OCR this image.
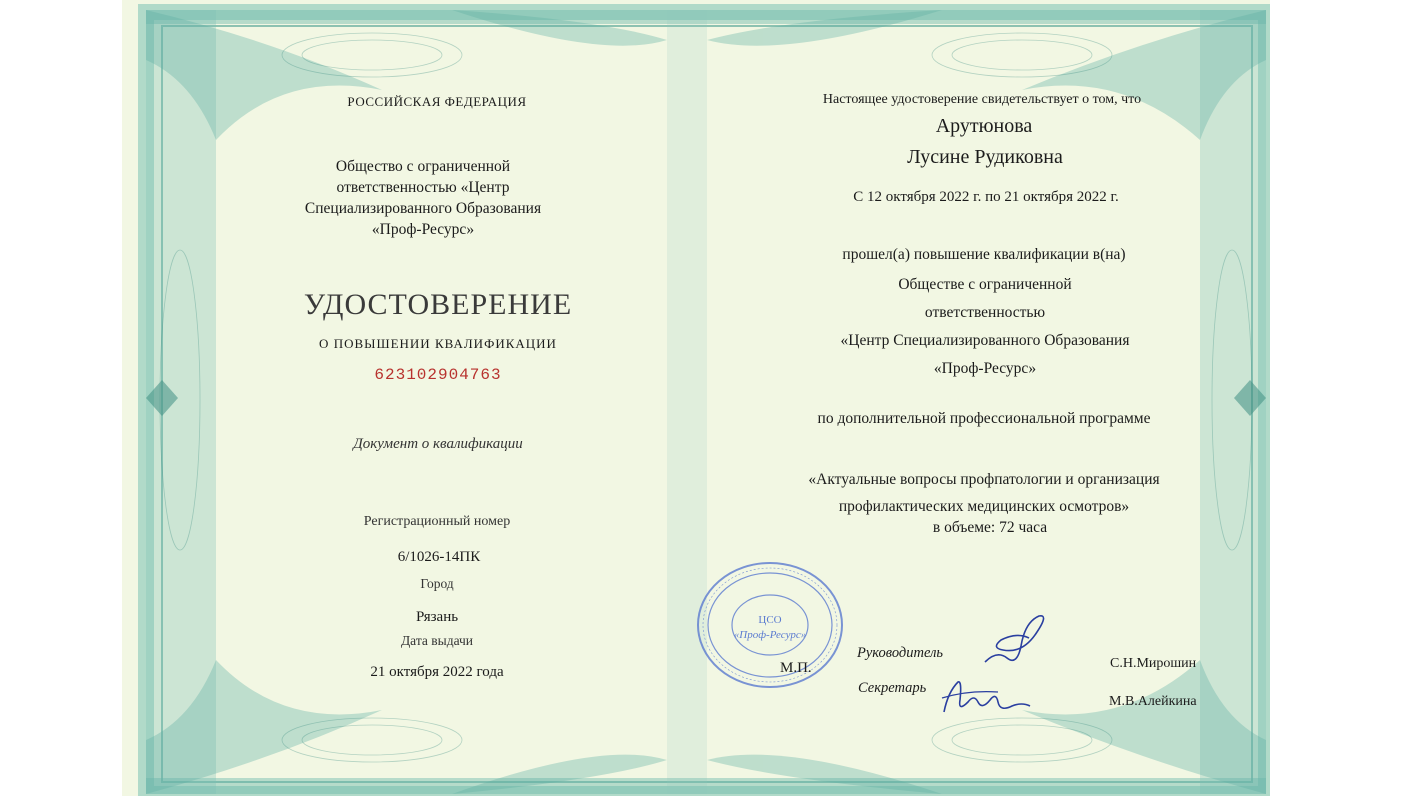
РОССИЙСКАЯ ФЕДЕРАЦИЯ
Общество с ограниченной
ответственностью «Центр
Специализированного Образования
«Проф-Ресурс»
УДОСТОВЕРЕНИЕ
О ПОВЫШЕНИИ КВАЛИФИКАЦИИ
623102904763
Документ о квалификации
Регистрационный номер
6/1026-14ПК
Город
Рязань
Дата выдачи
21 октября 2022 года
Настоящее удостоверение свидетельствует о том, что
Арутюнова
Лусине Рудиковна
С 12 октября 2022 г. по 21 октября 2022 г.
прошел(а) повышение квалификации в(на)
Обществе с ограниченной
ответственностью
«Центр Специализированного Образования
«Проф-Ресурс»
по дополнительной профессиональной программе
«Актуальные вопросы профпатологии и организация
профилактических медицинских осмотров»
в объеме: 72 часа
ЦСО
«Проф-Ресурс»
М.П.
Руководитель
С.Н.Мирошин
Секретарь
М.В.Алейкина
